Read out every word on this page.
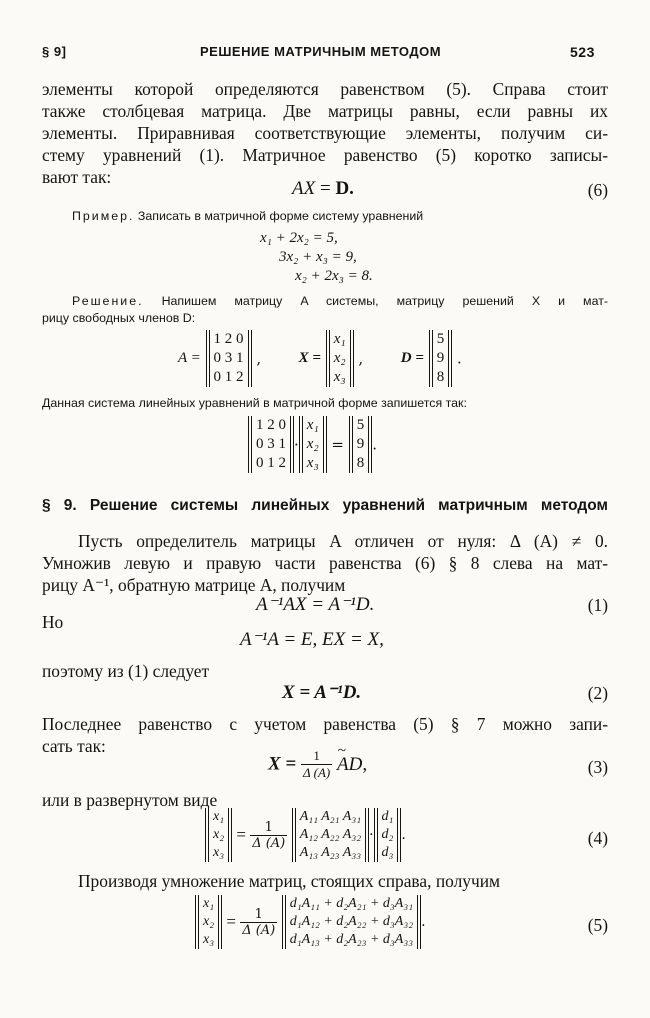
§ 9]	РЕШЕНИЕ МАТРИЧНЫМ МЕТОДОМ	523
элементы которой определяются равенством (5). Справа стоит
также столбцевая матрица. Две матрицы равны, если равны их
элементы. Приравнивая соответствующие элементы, получим си-
стему уравнений (1). Матричное равенство (5) коротко записы-
вают так:
AX = D.	(6)
Пример. Записать в матричной форме систему уравнений
x₁ + 2x₂ = 5,
3x₂ + x₃ = 9,
x₂ + 2x₃ = 8.
Решение. Напишем матрицу A системы, матрицу решений X и мат-
рицу свободных членов D:
A =
1 2 0
0 3 1
0 1 2
,	X =
x₁
x₂
x₃
,	D =
5
9
8
.
Данная система линейных уравнений в матричной форме запишется так:
1 2 0
0 3 1
0 1 2
·
x₁
x₂
x₃
=
5
9
8
.
§ 9. Решение системы линейных уравнений матричным методом
Пусть определитель матрицы A отличен от нуля: Δ (A) ≠ 0.
Умножив левую и правую части равенства (6) § 8 слева на мат-
рицу A⁻¹, обратную матрице A, получим
A⁻¹AX = A⁻¹D.	(1)
Но
A⁻¹A = E, EX = X,
поэтому из (1) следует
X = A⁻¹D.	(2)
Последнее равенство с учетом равенства (5) § 7 можно запи-
сать так:
$X = \frac{1}{\Delta (A)}$
~ AD,	(3)
или в развернутом виде
x₁
x₂
x₃
= $\frac{1}{\Delta (A)}$

A₁₁ A₂₁ A₃₁
A₁₂ A₂₂ A₃₂
A₁₃ A₂₃ A₃₃
·
d₁
d₂
d₃
.	(4)
Производя умножение матриц, стоящих справа, получим
x₁
x₂
x₃
= $\frac{1}{\Delta (A)}$

d₁A₁₁ + d₂A₂₁ + d₃A₃₁
d₁A₁₂ + d₂A₂₂ + d₃A₃₂
d₁A₁₃ + d₂A₂₃ + d₃A₃₃
.	(5)
